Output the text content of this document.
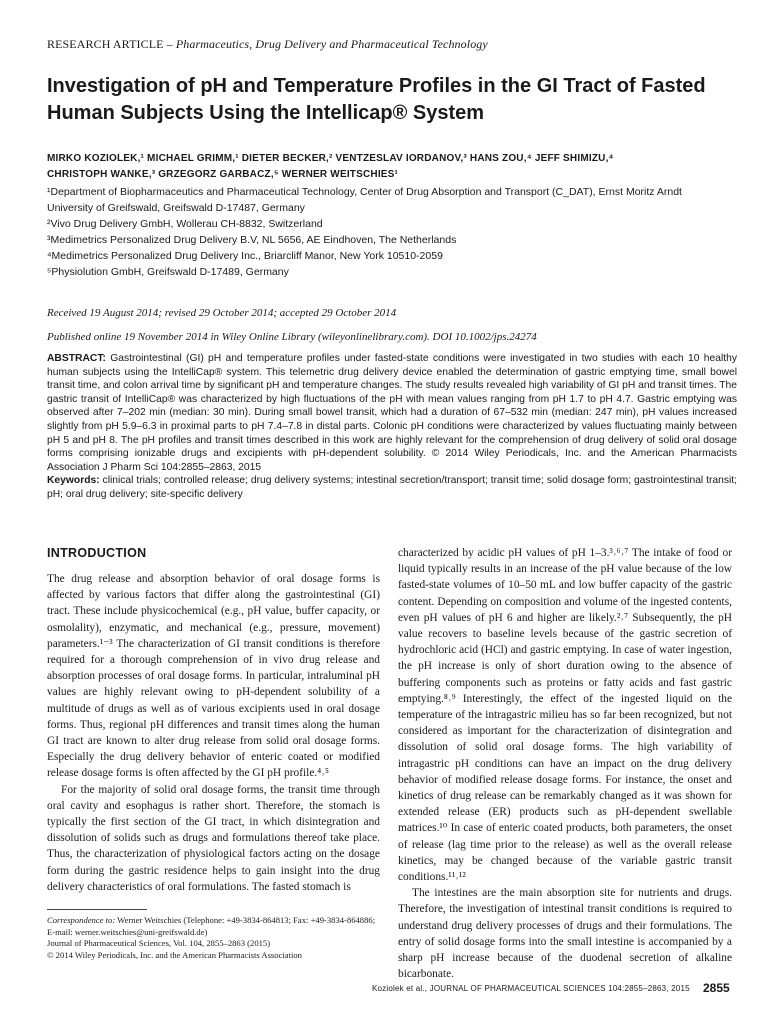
RESEARCH ARTICLE – Pharmaceutics, Drug Delivery and Pharmaceutical Technology
Investigation of pH and Temperature Profiles in the GI Tract of Fasted Human Subjects Using the Intellicap® System
MIRKO KOZIOLEK,¹ MICHAEL GRIMM,¹ DIETER BECKER,² VENTZESLAV IORDANOV,³ HANS ZOU,⁴ JEFF SHIMIZU,⁴
CHRISTOPH WANKE,³ GRZEGORZ GARBACZ,⁵ WERNER WEITSCHIES¹
¹Department of Biopharmaceutics and Pharmaceutical Technology, Center of Drug Absorption and Transport (C_DAT), Ernst Moritz Arndt
University of Greifswald, Greifswald D-17487, Germany
²Vivo Drug Delivery GmbH, Wollerau CH-8832, Switzerland
³Medimetrics Personalized Drug Delivery B.V, NL 5656, AE Eindhoven, The Netherlands
⁴Medimetrics Personalized Drug Delivery Inc., Briarcliff Manor, New York 10510-2059
⁵Physiolution GmbH, Greifswald D-17489, Germany
Received 19 August 2014; revised 29 October 2014; accepted 29 October 2014
Published online 19 November 2014 in Wiley Online Library (wileyonlinelibrary.com). DOI 10.1002/jps.24274
ABSTRACT: Gastrointestinal (GI) pH and temperature profiles under fasted-state conditions were investigated in two studies with each 10 healthy human subjects using the IntelliCap® system. This telemetric drug delivery device enabled the determination of gastric emptying time, small bowel transit time, and colon arrival time by significant pH and temperature changes. The study results revealed high variability of GI pH and transit times. The gastric transit of IntelliCap® was characterized by high fluctuations of the pH with mean values ranging from pH 1.7 to pH 4.7. Gastric emptying was observed after 7–202 min (median: 30 min). During small bowel transit, which had a duration of 67–532 min (median: 247 min), pH values increased slightly from pH 5.9–6.3 in proximal parts to pH 7.4–7.8 in distal parts. Colonic pH conditions were characterized by values fluctuating mainly between pH 5 and pH 8. The pH profiles and transit times described in this work are highly relevant for the comprehension of drug delivery of solid oral dosage forms comprising ionizable drugs and excipients with pH-dependent solubility. © 2014 Wiley Periodicals, Inc. and the American Pharmacists Association J Pharm Sci 104:2855–2863, 2015
Keywords: clinical trials; controlled release; drug delivery systems; intestinal secretion/transport; transit time; solid dosage form; gastrointestinal transit; pH; oral drug delivery; site-specific delivery
INTRODUCTION

The drug release and absorption behavior of oral dosage forms is affected by various factors that differ along the gastrointestinal (GI) tract. These include physicochemical (e.g., pH value, buffer capacity, or osmolality), enzymatic, and mechanical (e.g., pressure, movement) parameters.¹⁻³ The characterization of GI transit conditions is therefore required for a thorough comprehension of in vivo drug release and absorption processes of oral dosage forms. In particular, intraluminal pH values are highly relevant owing to pH-dependent solubility of a multitude of drugs as well as of various excipients used in oral dosage forms. Thus, regional pH differences and transit times along the human GI tract are known to alter drug release from solid oral dosage forms. Especially the drug delivery behavior of enteric coated or modified release dosage forms is often affected by the GI pH profile.⁴˒⁵

For the majority of solid oral dosage forms, the transit time through oral cavity and esophagus is rather short. Therefore, the stomach is typically the first section of the GI tract, in which disintegration and dissolution of solids such as drugs and formulations thereof take place. Thus, the characterization of physiological factors acting on the dosage form during the gastric residence helps to gain insight into the drug delivery characteristics of oral formulations. The fasted stomach is

characterized by acidic pH values of pH 1–3.³˒⁶˒⁷ The intake of food or liquid typically results in an increase of the pH value because of the low fasted-state volumes of 10–50 mL and low buffer capacity of the gastric content. Depending on composition and volume of the ingested contents, even pH values of pH 6 and higher are likely.²˒⁷ Subsequently, the pH value recovers to baseline levels because of the gastric secretion of hydrochloric acid (HCl) and gastric emptying. In case of water ingestion, the pH increase is only of short duration owing to the absence of buffering components such as proteins or fatty acids and fast gastric emptying.⁸˒⁹ Interestingly, the effect of the ingested liquid on the temperature of the intragastric milieu has so far been recognized, but not considered as important for the characterization of disintegration and dissolution of solid oral dosage forms. The high variability of intragastric pH conditions can have an impact on the drug delivery behavior of modified release dosage forms. For instance, the onset and kinetics of drug release can be remarkably changed as it was shown for extended release (ER) products such as pH-dependent swellable matrices.¹⁰ In case of enteric coated products, both parameters, the onset of release (lag time prior to the release) as well as the overall release kinetics, may be changed because of the variable gastric transit conditions.¹¹˒¹²

The intestines are the main absorption site for nutrients and drugs. Therefore, the investigation of intestinal transit conditions is required to understand drug delivery processes of drugs and their formulations. The entry of solid dosage forms into the small intestine is accompanied by a sharp pH increase because of the duodenal secretion of alkaline bicarbonate.

Correspondence to: Werner Weitschies (Telephone: +49-3834-864813; Fax: +49-3834-864886; E-mail: werner.weitschies@uni-greifswald.de)
Journal of Pharmaceutical Sciences, Vol. 104, 2855–2863 (2015)
© 2014 Wiley Periodicals, Inc. and the American Pharmacists Association
Koziolek et al., JOURNAL OF PHARMACEUTICAL SCIENCES 104:2855–2863, 2015 2855
